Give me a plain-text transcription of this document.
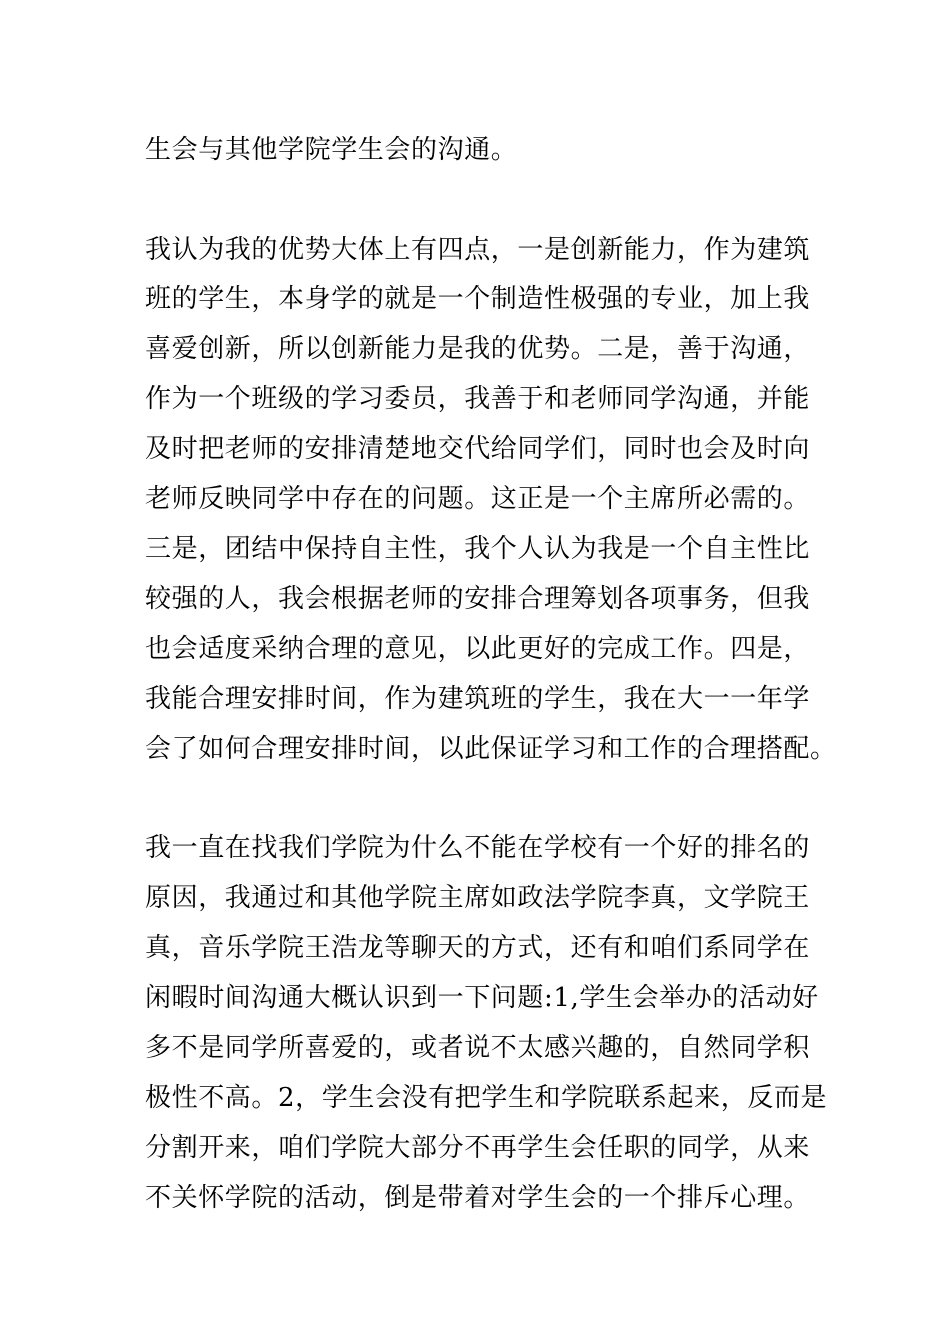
生会与其他学院学生会的沟通。
我认为我的优势大体上有四点，一是创新能力，作为建筑
班的学生，本身学的就是一个制造性极强的专业，加上我
喜爱创新，所以创新能力是我的优势。二是，善于沟通，
作为一个班级的学习委员，我善于和老师同学沟通，并能
及时把老师的安排清楚地交代给同学们，同时也会及时向
老师反映同学中存在的问题。这正是一个主席所必需的。
三是，团结中保持自主性，我个人认为我是一个自主性比
较强的人，我会根据老师的安排合理筹划各项事务，但我
也会适度采纳合理的意见，以此更好的完成工作。四是，
我能合理安排时间，作为建筑班的学生，我在大一一年学
会了如何合理安排时间，以此保证学习和工作的合理搭配。
我一直在找我们学院为什么不能在学校有一个好的排名的
原因，我通过和其他学院主席如政法学院李真，文学院王
真，音乐学院王浩龙等聊天的方式，还有和咱们系同学在
闲暇时间沟通大概认识到一下问题:1,学生会举办的活动好
多不是同学所喜爱的，或者说不太感兴趣的，自然同学积
极性不高。2，学生会没有把学生和学院联系起来，反而是
分割开来，咱们学院大部分不再学生会任职的同学，从来
不关怀学院的活动，倒是带着对学生会的一个排斥心理。
